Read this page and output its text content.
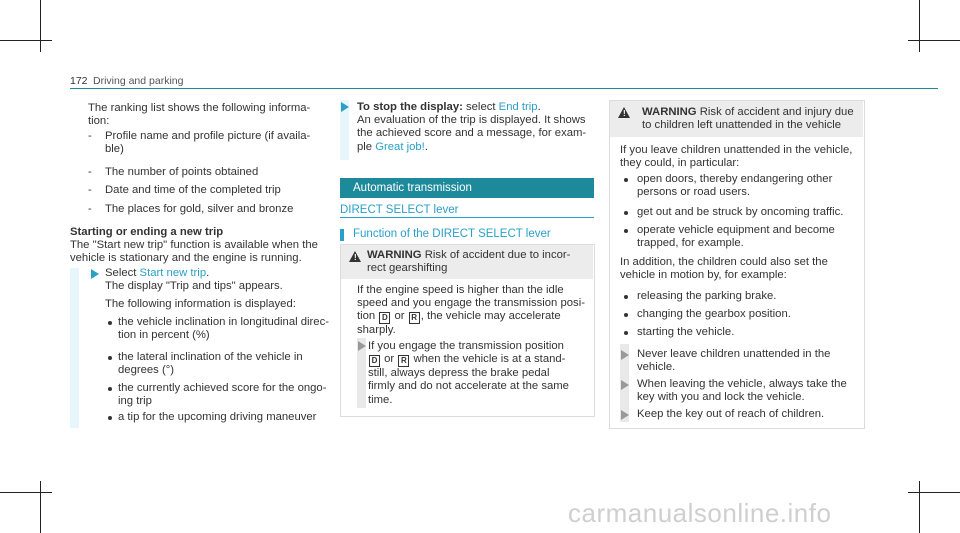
172 Driving and parking
The ranking list shows the following informa-
tion:
- Profile name and profile picture (if availa-
ble)
- The number of points obtained
- Date and time of the completed trip
- The places for gold, silver and bronze
Starting or ending a new trip
The "Start new trip" function is available when the
vehicle is stationary and the engine is running.
Select Start new trip.
The display "Trip and tips" appears.
The following information is displayed:
the vehicle inclination in longitudinal direc-
tion in percent (%)
the lateral inclination of the vehicle in
degrees (°)
the currently achieved score for the ongo-
ing trip
a tip for the upcoming driving maneuver
To stop the display: select End trip.
An evaluation of the trip is displayed. It shows
the achieved score and a message, for exam-
ple Great job!.
Automatic transmission
DIRECT SELECT lever
Function of the DIRECT SELECT lever
! WARNING Risk of accident due to incor-
rect gearshifting
If the engine speed is higher than the idle
speed and you engage the transmission posi-
tion D or R , the vehicle may accelerate
sharply.
If you engage the transmission position
D or R when the vehicle is at a stand-
still, always depress the brake pedal
firmly and do not accelerate at the same
time.
! WARNING Risk of accident and injury due
to children left unattended in the vehicle
If you leave children unattended in the vehicle,
they could, in particular:
open doors, thereby endangering other
persons or road users.
get out and be struck by oncoming traffic.
operate vehicle equipment and become
trapped, for example.
In addition, the children could also set the
vehicle in motion by, for example:
releasing the parking brake.
changing the gearbox position.
starting the vehicle.
Never leave children unattended in the
vehicle.
When leaving the vehicle, always take the
key with you and lock the vehicle.
Keep the key out of reach of children.
carmanualsonline.info
